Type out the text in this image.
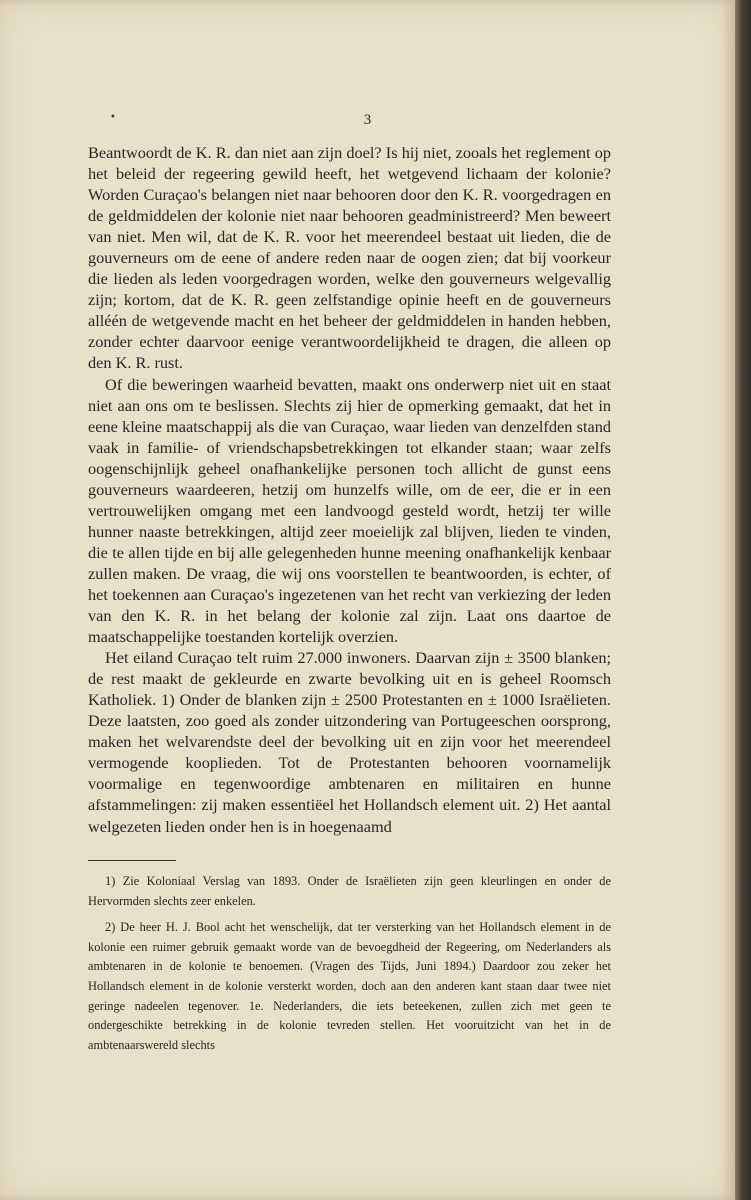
•	3

Beantwoordt de K. R. dan niet aan zijn doel? Is hij niet, zooals het reglement op het beleid der regeering gewild heeft, het wetgevend lichaam der kolonie? Worden Curaçao's belangen niet naar behooren door den K. R. voorgedragen en de geldmiddelen der kolonie niet naar behooren geadministreerd? Men beweert van niet. Men wil, dat de K. R. voor het meerendeel bestaat uit lieden, die de gouverneurs om de eene of andere reden naar de oogen zien; dat bij voorkeur die lieden als leden voorgedragen worden, welke den gouverneurs welgevallig zijn; kortom, dat de K. R. geen zelfstandige opinie heeft en de gouverneurs alléén de wetgevende macht en het beheer der geldmiddelen in handen hebben, zonder echter daarvoor eenige verantwoordelijkheid te dragen, die alleen op den K. R. rust.

Of die beweringen waarheid bevatten, maakt ons onderwerp niet uit en staat niet aan ons om te beslissen. Slechts zij hier de opmerking gemaakt, dat het in eene kleine maatschappij als die van Curaçao, waar lieden van denzelfden stand vaak in familie- of vriendschapsbetrekkingen tot elkander staan; waar zelfs oogenschijnlijk geheel onafhankelijke personen toch allicht de gunst eens gouverneurs waardeeren, hetzij om hunzelfs wille, om de eer, die er in een vertrouwelijken omgang met een landvoogd gesteld wordt, hetzij ter wille hunner naaste betrekkingen, altijd zeer moeielijk zal blijven, lieden te vinden, die te allen tijde en bij alle gelegenheden hunne meening onafhankelijk kenbaar zullen maken. De vraag, die wij ons voorstellen te beantwoorden, is echter, of het toekennen aan Curaçao's ingezetenen van het recht van verkiezing der leden van den K. R. in het belang der kolonie zal zijn. Laat ons daartoe de maatschappelijke toestanden kortelijk overzien.

Het eiland Curaçao telt ruim 27.000 inwoners. Daarvan zijn ± 3500 blanken; de rest maakt de gekleurde en zwarte bevolking uit en is geheel Roomsch Katholiek. 1) Onder de blanken zijn ± 2500 Protestanten en ± 1000 Israëlieten. Deze laatsten, zoo goed als zonder uitzondering van Portugeeschen oorsprong, maken het welvarendste deel der bevolking uit en zijn voor het meerendeel vermogende kooplieden. Tot de Protestanten behooren voornamelijk voormalige en tegenwoordige ambtenaren en militairen en hunne afstammelingen: zij maken essentiëel het Hollandsch element uit. 2) Het aantal welgezeten lieden onder hen is in hoegenaamd

1) Zie Koloniaal Verslag van 1893. Onder de Israëlieten zijn geen kleurlingen en onder de Hervormden slechts zeer enkelen.

2) De heer H. J. Bool acht het wenschelijk, dat ter versterking van het Hollandsch element in de kolonie een ruimer gebruik gemaakt worde van de bevoegdheid der Regeering, om Nederlanders als ambtenaren in de kolonie te benoemen. (Vragen des Tijds, Juni 1894.) Daardoor zou zeker het Hollandsch element in de kolonie versterkt worden, doch aan den anderen kant staan daar twee niet geringe nadeelen tegenover. 1e. Nederlanders, die iets beteekenen, zullen zich met geen te ondergeschikte betrekking in de kolonie tevreden stellen. Het vooruitzicht van het in de ambtenaarswereld slechts
